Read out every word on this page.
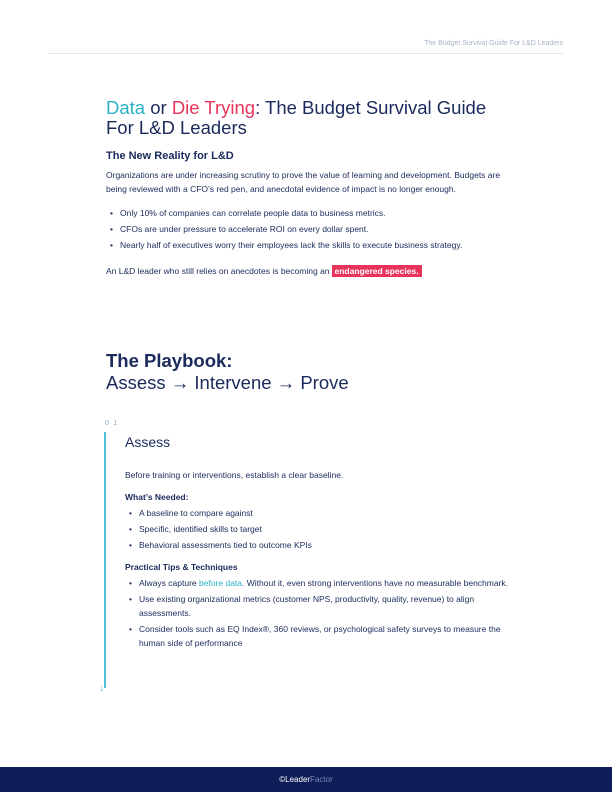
The Budget Survival Guide For L&D Leaders
Data or Die Trying: The Budget Survival Guide For L&D Leaders
The New Reality for L&D

Organizations are under increasing scrutiny to prove the value of learning and development. Budgets are being reviewed with a CFO’s red pen, and anecdotal evidence of impact is no longer enough.

• Only 10% of companies can correlate people data to business metrics.
• CFOs are under pressure to accelerate ROI on every dollar spent.
• Nearly half of executives worry their employees lack the skills to execute business strategy.

An L&D leader who still relies on anecdotes is becoming an endangered species.

The Playbook:
Assess → Intervene → Prove
01
↓
Assess

Before training or interventions, establish a clear baseline.

What’s Needed:
• A baseline to compare against
• Specific, identified skills to target
• Behavioral assessments tied to outcome KPIs
Practical Tips & Techniques
• Always capture before data. Without it, even strong interventions have no measurable benchmark.
• Use existing organizational metrics (customer NPS, productivity, quality, revenue) to align assessments.
• Consider tools such as EQ Index®, 360 reviews, or psychological safety surveys to measure the human side of performance
©LeaderFactor
